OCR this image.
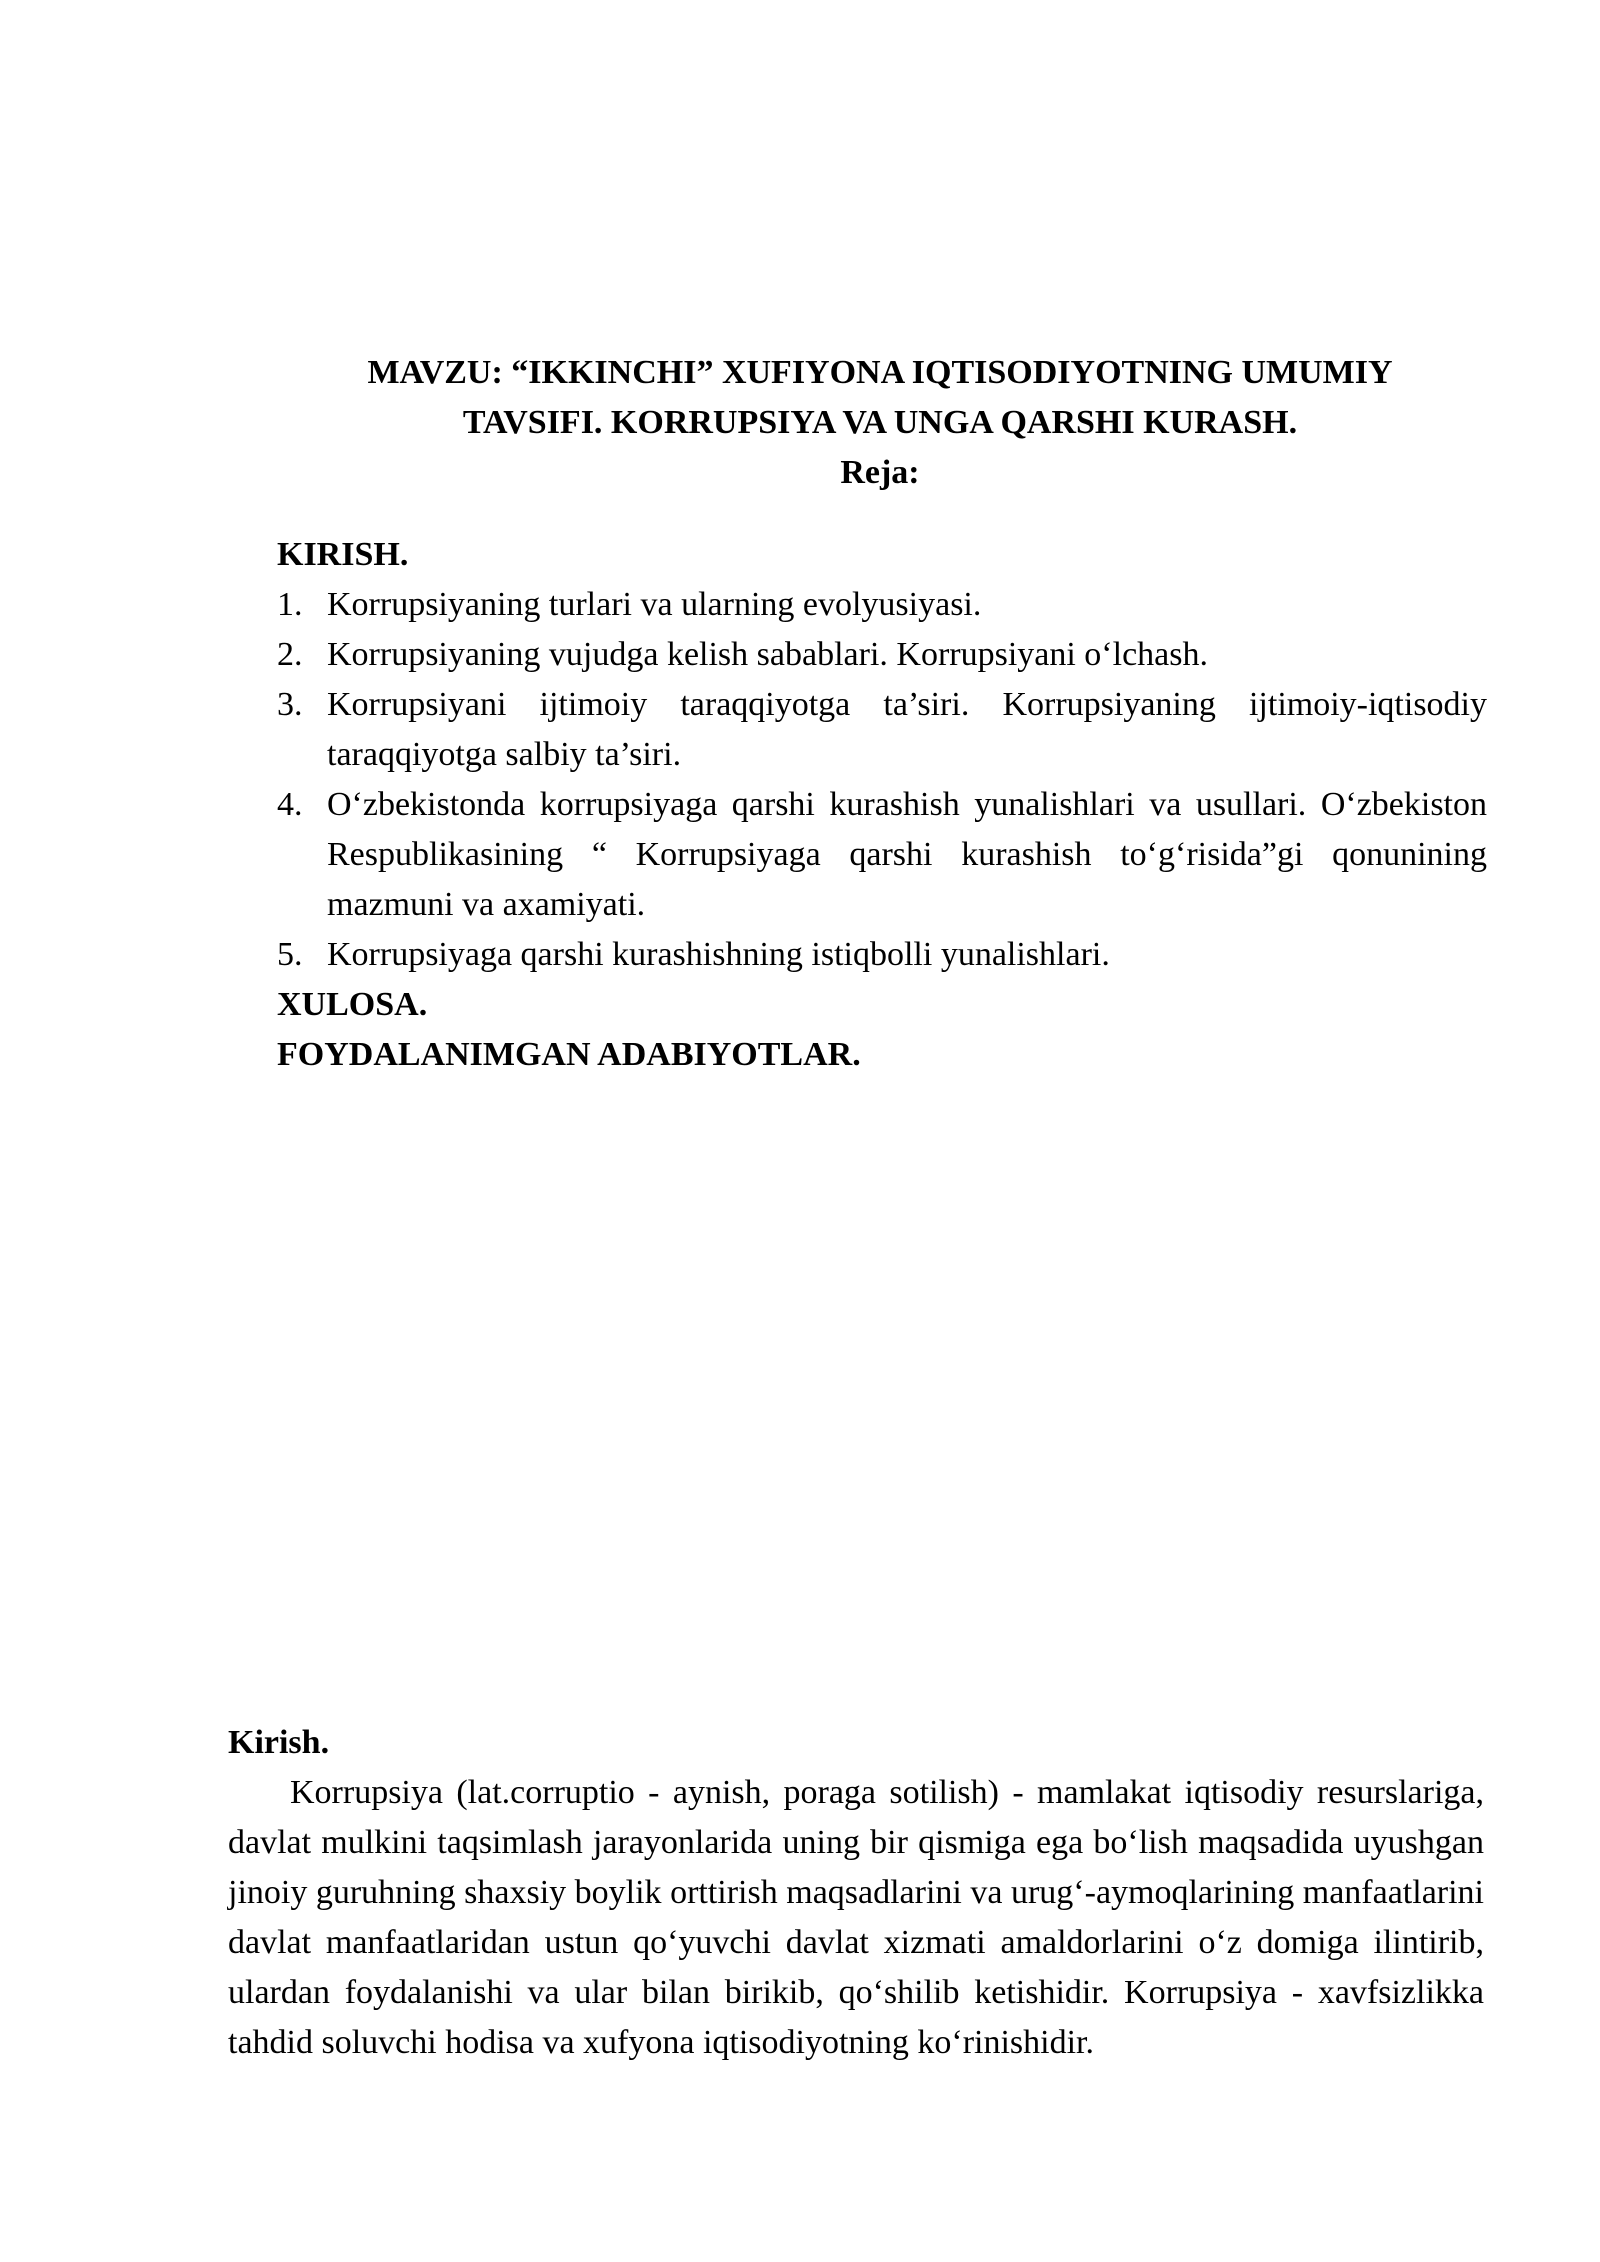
MAVZU: “IKKINCHI” XUFIYONA IQTISODIYOTNING UMUMIY
TAVSIFI. KORRUPSIYA VA UNGA QARSHI KURASH.
Reja:
KIRISH.
1. Korrupsiyaning turlari va ularning evolyusiyasi.
2. Korrupsiyaning vujudga kelish sabablari. Korrupsiyani o‘lchash.
3. Korrupsiyani ijtimoiy taraqqiyotga ta’siri. Korrupsiyaning ijtimoiy-iqtisodiy taraqqiyotga salbiy ta’siri.
4. O‘zbekistonda korrupsiyaga qarshi kurashish yunalishlari va usullari. O‘zbekiston Respublikasining “ Korrupsiyaga qarshi kurashish to‘g‘risida”gi qonunining mazmuni va axamiyati.
5. Korrupsiyaga qarshi kurashishning istiqbolli yunalishlari.
XULOSA.
FOYDALANIMGAN ADABIYOTLAR.
Kirish.
Korrupsiya (lat.corruptio - aynish, poraga sotilish) - mamlakat iqtisodiy resurslariga, davlat mulkini taqsimlash jarayonlarida uning bir qismiga ega bo‘lish maqsadida uyushgan jinoiy guruhning shaxsiy boylik orttirish maqsadlarini va urug‘-aymoqlarining manfaatlarini davlat manfaatlaridan ustun qo‘yuvchi davlat xizmati amaldorlarini o‘z domiga ilintirib, ulardan foydalanishi va ular bilan birikib, qo‘shilib ketishidir. Korrupsiya - xavfsizlikka tahdid soluvchi hodisa va xufyona iqtisodiyotning ko‘rinishidir.
